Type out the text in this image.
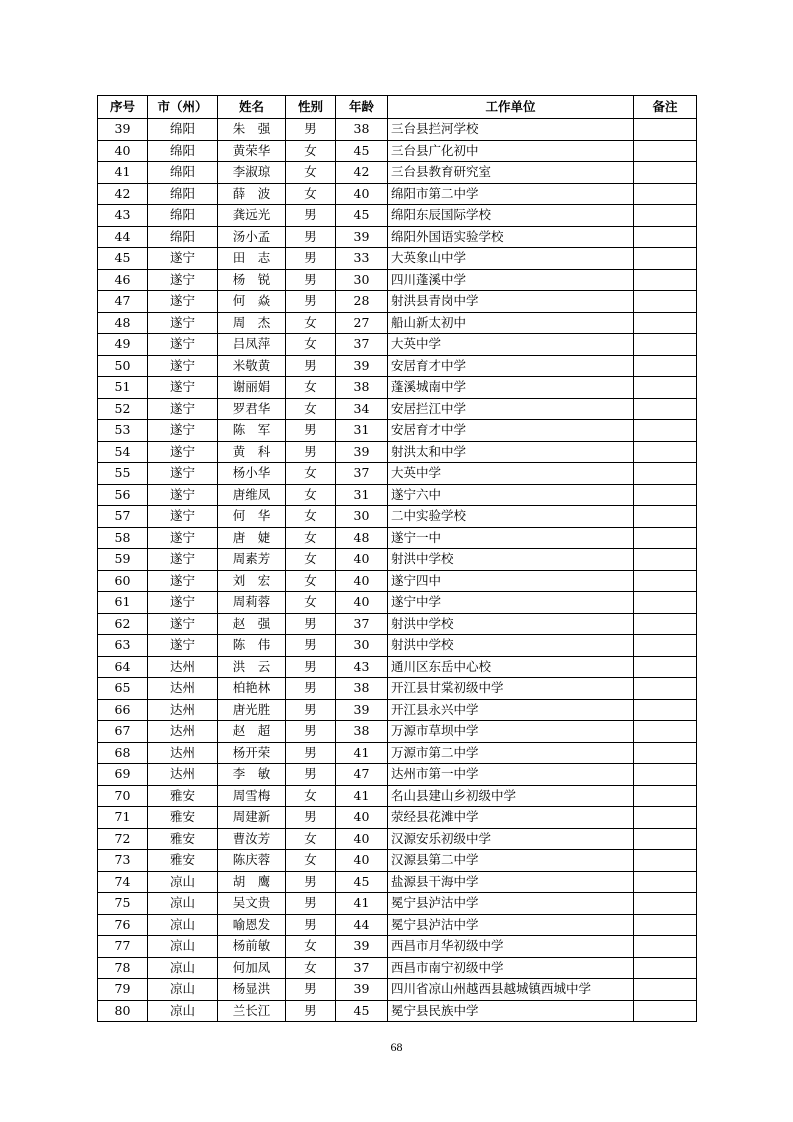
序号	市（州）	姓名	性别	年龄	工作单位	备注
39	绵阳	朱　强	男	38	三台县拦河学校	
40	绵阳	黄荣华	女	45	三台县广化初中	
41	绵阳	李淑琼	女	42	三台县教育研究室	
42	绵阳	薛　波	女	40	绵阳市第二中学	
43	绵阳	龚远光	男	45	绵阳东辰国际学校	
44	绵阳	汤小孟	男	39	绵阳外国语实验学校	
45	遂宁	田　志	男	33	大英象山中学	
46	遂宁	杨　锐	男	30	四川蓬溪中学	
47	遂宁	何　焱	男	28	射洪县青岗中学	
48	遂宁	周　杰	女	27	船山新太初中	
49	遂宁	吕凤萍	女	37	大英中学	
50	遂宁	米敬黄	男	39	安居育才中学	
51	遂宁	谢丽娟	女	38	蓬溪城南中学	
52	遂宁	罗君华	女	34	安居拦江中学	
53	遂宁	陈　军	男	31	安居育才中学	
54	遂宁	黄　科	男	39	射洪太和中学	
55	遂宁	杨小华	女	37	大英中学	
56	遂宁	唐维凤	女	31	遂宁六中	
57	遂宁	何　华	女	30	二中实验学校	
58	遂宁	唐　婕	女	48	遂宁一中	
59	遂宁	周素芳	女	40	射洪中学校	
60	遂宁	刘　宏	女	40	遂宁四中	
61	遂宁	周莉蓉	女	40	遂宁中学	
62	遂宁	赵　强	男	37	射洪中学校	
63	遂宁	陈　伟	男	30	射洪中学校	
64	达州	洪　云	男	43	通川区东岳中心校	
65	达州	柏艳林	男	38	开江县甘棠初级中学	
66	达州	唐光胜	男	39	开江县永兴中学	
67	达州	赵　超	男	38	万源市草坝中学	
68	达州	杨开荣	男	41	万源市第二中学	
69	达州	李　敏	男	47	达州市第一中学	
70	雅安	周雪梅	女	41	名山县建山乡初级中学	
71	雅安	周建新	男	40	荥经县花滩中学	
72	雅安	曹汝芳	女	40	汉源安乐初级中学	
73	雅安	陈庆蓉	女	40	汉源县第二中学	
74	凉山	胡　鹰	男	45	盐源县干海中学	
75	凉山	吴文贵	男	41	冕宁县泸沽中学	
76	凉山	喻恩发	男	44	冕宁县泸沽中学	
77	凉山	杨前敏	女	39	西昌市月华初级中学	
78	凉山	何加凤	女	37	西昌市南宁初级中学	
79	凉山	杨显洪	男	39	四川省凉山州越西县越城镇西城中学	
80	凉山	兰长江	男	45	冕宁县民族中学	
68
